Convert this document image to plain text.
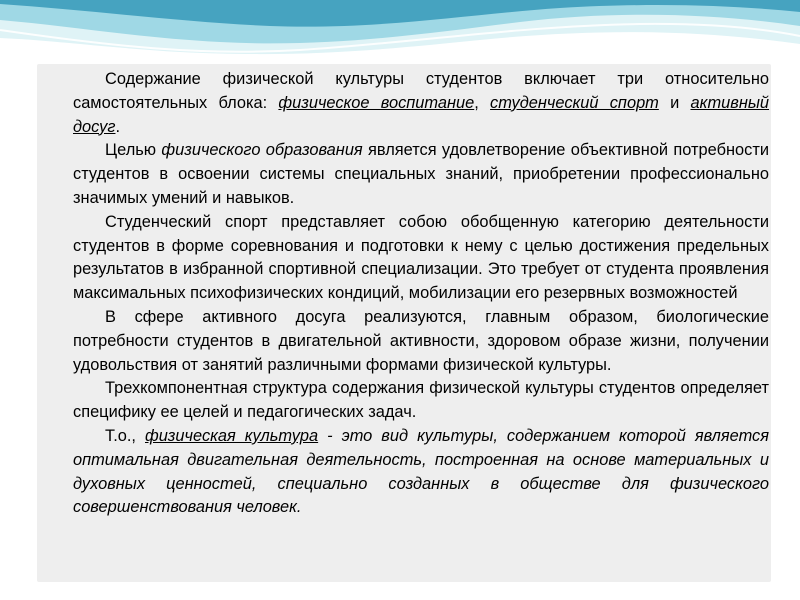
Содержание физической культуры студентов включает три относительно самостоятельных блока: физическое воспитание, студенческий спорт и активный досуг.

Целью физического образования является удовлетворение объективной потребности студентов в освоении системы специальных знаний, приобретении профессионально значимых умений и навыков.

Студенческий спорт представляет собою обобщенную категорию деятельности студентов в форме соревнования и подготовки к нему с целью достижения предельных результатов в избранной спортивной специализации. Это требует от студента проявления максимальных психофизических кондиций, мобилизации его резервных возможностей

В сфере активного досуга реализуются, главным образом, биологические потребности студентов в двигательной активности, здоровом образе жизни, получении удовольствия от занятий различными формами физической культуры.

Трехкомпонентная структура содержания физической культуры студентов определяет специфику ее целей и педагогических задач.

Т.о., физическая культура - это вид культуры, содержанием которой является оптимальная двигательная деятельность, построенная на основе материальных и духовных ценностей, специально созданных в обществе для физического совершенствования человек.
